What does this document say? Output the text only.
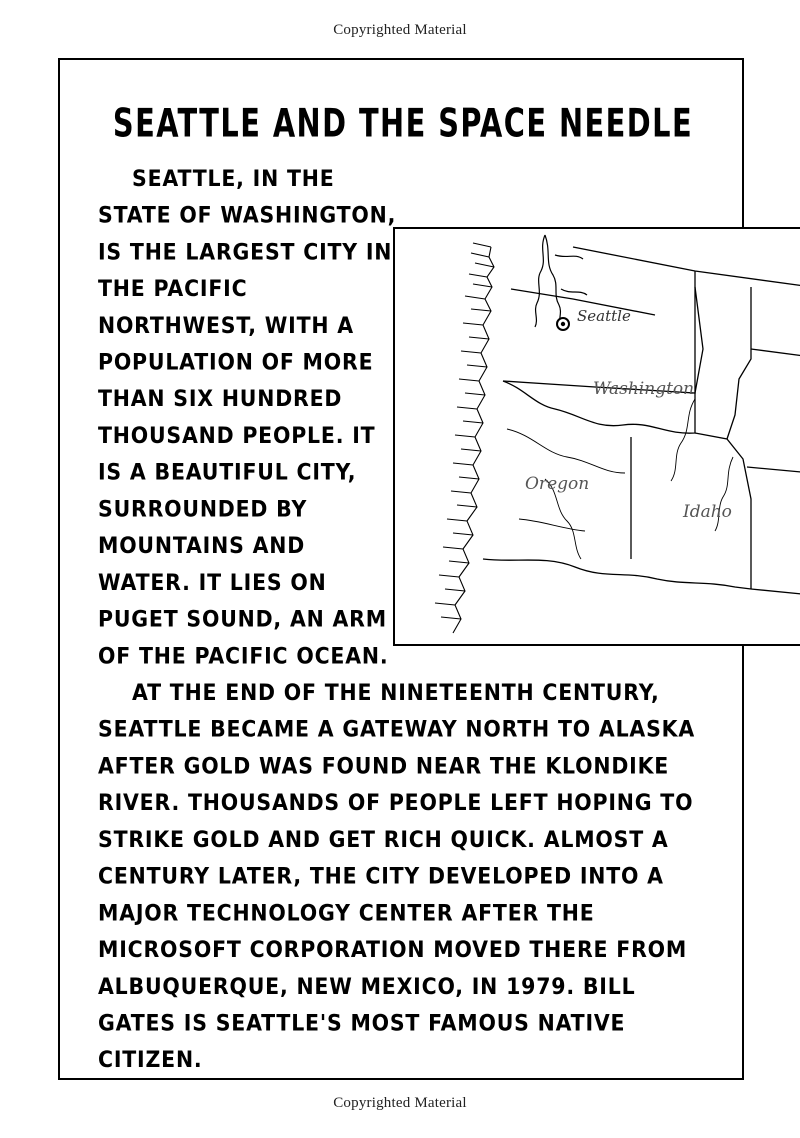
Copyrighted Material
SEATTLE AND THE SPACE NEEDLE
Seattle
Washington
Oregon
Idaho

SEATTLE, IN THE STATE OF WASHINGTON, IS THE LARGEST CITY IN THE PACIFIC NORTHWEST, WITH A POPULATION OF MORE THAN SIX HUNDRED THOUSAND PEOPLE. IT IS A BEAUTIFUL CITY, SURROUNDED BY MOUNTAINS AND WATER. IT LIES ON PUGET SOUND, AN ARM OF THE PACIFIC OCEAN.

AT THE END OF THE NINETEENTH CENTURY, SEATTLE BECAME A GATEWAY NORTH TO ALASKA AFTER GOLD WAS FOUND NEAR THE KLONDIKE RIVER. THOUSANDS OF PEOPLE LEFT HOPING TO STRIKE GOLD AND GET RICH QUICK. ALMOST A CENTURY LATER, THE CITY DEVELOPED INTO A MAJOR TECHNOLOGY CENTER AFTER THE MICROSOFT CORPORATION MOVED THERE FROM ALBUQUERQUE, NEW MEXICO, IN 1979. BILL GATES IS SEATTLE'S MOST FAMOUS NATIVE CITIZEN.

Copyrighted Material
